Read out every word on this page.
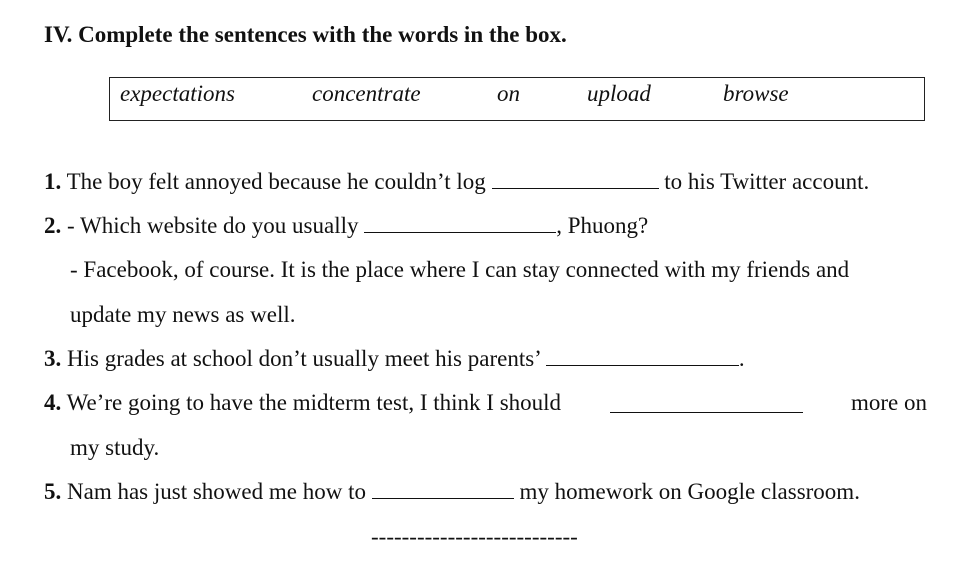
IV. Complete the sentences with the words in the box.
expectations	concentrate	on	upload	browse
1. The boy felt annoyed because he couldn’t log	to his Twitter account.
2. - Which website do you usually	, Phuong?
- Facebook, of course. It is the place where I can stay connected with my friends and
update my news as well.
3. His grades at school don’t usually meet his parents’	.
4. We’re going to have the midterm test, I think I should	more on
my study.
5. Nam has just showed me how to	my homework on Google classroom.
---------------------------
